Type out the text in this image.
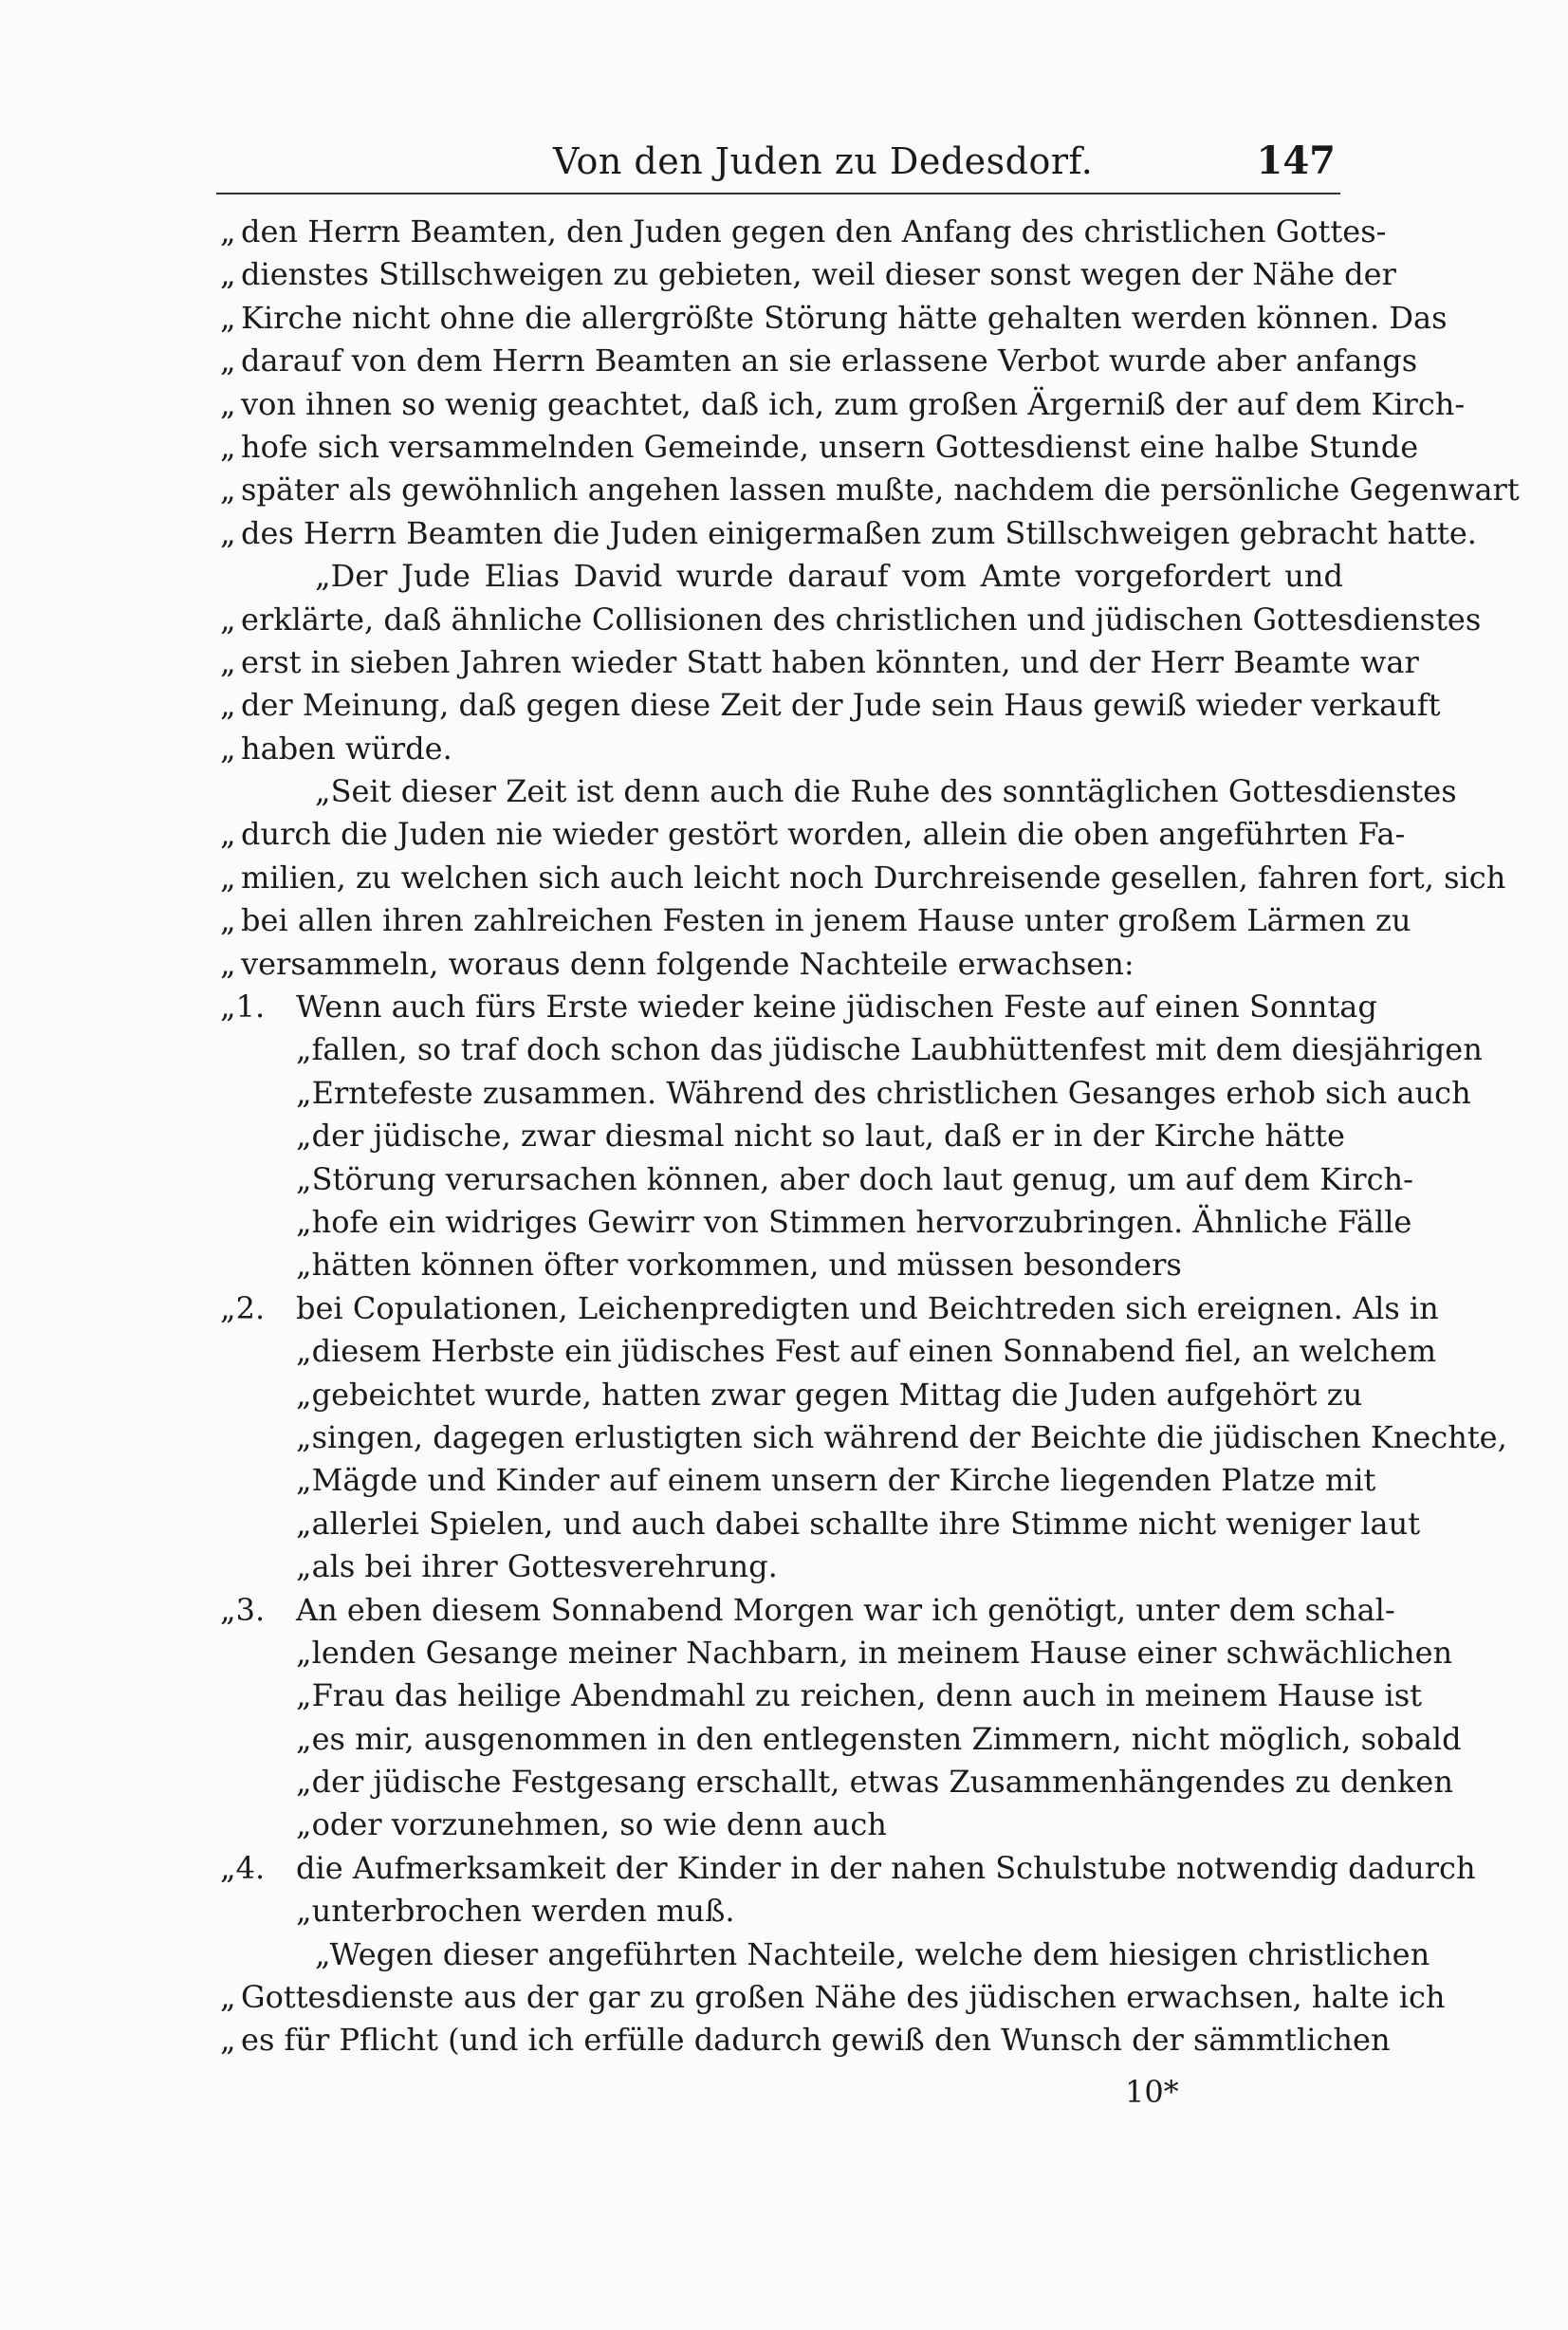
Von den Juden zu Dedesdorf.	147
„ den Herrn Beamten, den Juden gegen den Anfang des christlichen Gottes-
„ dienstes Stillschweigen zu gebieten, weil dieser sonst wegen der Nähe der
„ Kirche nicht ohne die allergrößte Störung hätte gehalten werden können. Das
„ darauf von dem Herrn Beamten an sie erlassene Verbot wurde aber anfangs
„ von ihnen so wenig geachtet, daß ich, zum großen Ärgerniß der auf dem Kirch-
„ hofe sich versammelnden Gemeinde, unsern Gottesdienst eine halbe Stunde
„ später als gewöhnlich angehen lassen mußte, nachdem die persönliche Gegenwart
„ des Herrn Beamten die Juden einigermaßen zum Stillschweigen gebracht hatte.
„Der Jude Elias David wurde darauf vom Amte vorgefordert und
„ erklärte, daß ähnliche Collisionen des christlichen und jüdischen Gottesdienstes
„ erst in sieben Jahren wieder Statt haben könnten, und der Herr Beamte war
„ der Meinung, daß gegen diese Zeit der Jude sein Haus gewiß wieder verkauft
„ haben würde.
„Seit dieser Zeit ist denn auch die Ruhe des sonntäglichen Gottesdienstes
„ durch die Juden nie wieder gestört worden, allein die oben angeführten Fa-
„ milien, zu welchen sich auch leicht noch Durchreisende gesellen, fahren fort, sich
„ bei allen ihren zahlreichen Festen in jenem Hause unter großem Lärmen zu
„ versammeln, woraus denn folgende Nachteile erwachsen:
„1.	Wenn auch fürs Erste wieder keine jüdischen Feste auf einen Sonntag
„fallen, so traf doch schon das jüdische Laubhüttenfest mit dem diesjährigen
„Erntefeste zusammen. Während des christlichen Gesanges erhob sich auch
„der jüdische, zwar diesmal nicht so laut, daß er in der Kirche hätte
„Störung verursachen können, aber doch laut genug, um auf dem Kirch-
„hofe ein widriges Gewirr von Stimmen hervorzubringen. Ähnliche Fälle
„hätten können öfter vorkommen, und müssen besonders
„2.	bei Copulationen, Leichenpredigten und Beichtreden sich ereignen. Als in
„diesem Herbste ein jüdisches Fest auf einen Sonnabend fiel, an welchem
„gebeichtet wurde, hatten zwar gegen Mittag die Juden aufgehört zu
„singen, dagegen erlustigten sich während der Beichte die jüdischen Knechte,
„Mägde und Kinder auf einem unsern der Kirche liegenden Platze mit
„allerlei Spielen, und auch dabei schallte ihre Stimme nicht weniger laut
„als bei ihrer Gottesverehrung.
„3.	An eben diesem Sonnabend Morgen war ich genötigt, unter dem schal-
„lenden Gesange meiner Nachbarn, in meinem Hause einer schwächlichen
„Frau das heilige Abendmahl zu reichen, denn auch in meinem Hause ist
„es mir, ausgenommen in den entlegensten Zimmern, nicht möglich, sobald
„der jüdische Festgesang erschallt, etwas Zusammenhängendes zu denken
„oder vorzunehmen, so wie denn auch
„4.	die Aufmerksamkeit der Kinder in der nahen Schulstube notwendig dadurch
„unterbrochen werden muß.
„Wegen dieser angeführten Nachteile, welche dem hiesigen christlichen
„ Gottesdienste aus der gar zu großen Nähe des jüdischen erwachsen, halte ich
„ es für Pflicht (und ich erfülle dadurch gewiß den Wunsch der sämmtlichen
10*
